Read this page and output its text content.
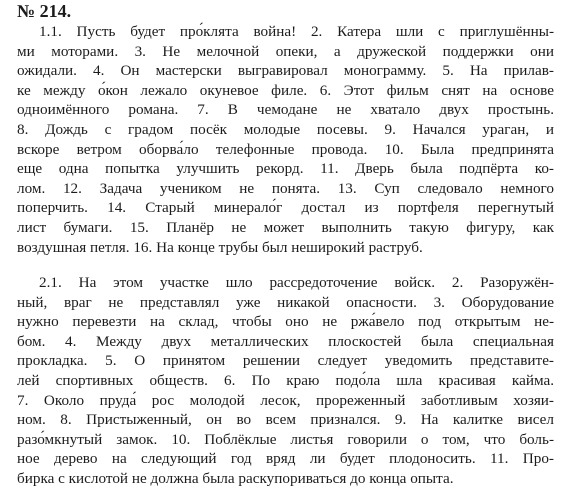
№ 214.
1.1. Пусть будет про́клята война! 2. Катера шли с приглушённы-
ми моторами. 3. Не мелочной опеки, а дружеской поддержки они
ожидали. 4. Он мастерски выгравировал монограмму. 5. На прилав-
ке между о́кон лежало окуневое филе. 6. Этот фильм снят на основе
одноимённого романа. 7. В чемодане не хватало двух простынь.
8. Дождь с градом посёк молодые посевы. 9. Начался ураган, и
вскоре ветром оборва́ло телефонные провода. 10. Была предпринята
еще одна попытка улучшить рекорд. 11. Дверь была подпёрта ко-
лом. 12. Задача учеником не понята. 13. Суп следовало немного
поперчить. 14. Старый минерало́г достал из портфеля перегнутый
лист бумаги. 15. Планёр не может выполнить такую фигуру, как
воздушная петля. 16. На конце трубы был неширокий раструб.
2.1. На этом участке шло рассредоточение войск. 2. Разоружён-
ный, враг не представлял уже никакой опасности. 3. Оборудование
нужно перевезти на склад, чтобы оно не ржа́вело под открытым не-
бом. 4. Между двух металлических плоскостей была специальная
прокладка. 5. О принятом решении следует уведомить представите-
лей спортивных обществ. 6. По краю подо́ла шла красивая кайма.
7. Около пруда́ рос молодой лесок, прореженный заботливым хозяи-
ном. 8. Пристыженный, он во всем признался. 9. На калитке висел
разо́мкнутый замок. 10. Поблёклые листья говорили о том, что боль-
ное дерево на следующий год вряд ли будет плодоносить. 11. Про-
бирка с кислотой не должна была раскупориваться до конца опыта.
